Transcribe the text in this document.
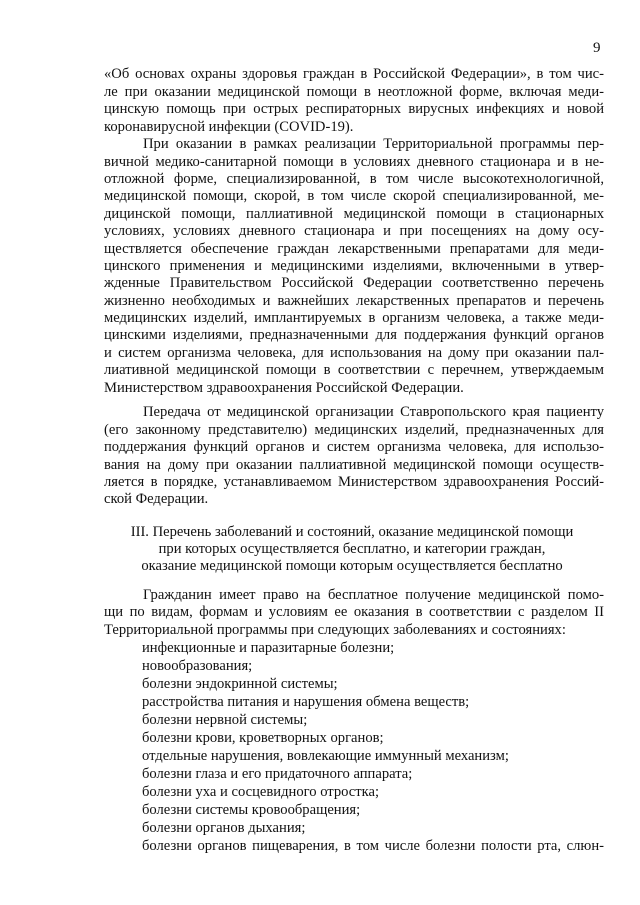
9
«Об основах охраны здоровья граждан в Российской Федерации», в том чис-
ле при оказании медицинской помощи в неотложной форме, включая меди-
цинскую помощь при острых респираторных вирусных инфекциях и новой
коронавирусной инфекции (COVID-19).
При оказании в рамках реализации Территориальной программы пер-
вичной медико-санитарной помощи в условиях дневного стационара и в не-
отложной форме, специализированной, в том числе высокотехнологичной,
медицинской помощи, скорой, в том числе скорой специализированной, ме-
дицинской помощи, паллиативной медицинской помощи в стационарных
условиях, условиях дневного стационара и при посещениях на дому осу-
ществляется обеспечение граждан лекарственными препаратами для меди-
цинского применения и медицинскими изделиями, включенными в утвер-
жденные Правительством Российской Федерации соответственно перечень
жизненно необходимых и важнейших лекарственных препаратов и перечень
медицинских изделий, имплантируемых в организм человека, а также меди-
цинскими изделиями, предназначенными для поддержания функций органов
и систем организма человека, для использования на дому при оказании пал-
лиативной медицинской помощи в соответствии с перечнем, утверждаемым
Министерством здравоохранения Российской Федерации.
Передача от медицинской организации Ставропольского края пациенту
(его законному представителю) медицинских изделий, предназначенных для
поддержания функций органов и систем организма человека, для использо-
вания на дому при оказании паллиативной медицинской помощи осуществ-
ляется в порядке, устанавливаемом Министерством здравоохранения Россий-
ской Федерации.
III. Перечень заболеваний и состояний, оказание медицинской помощи
при которых осуществляется бесплатно, и категории граждан,
оказание медицинской помощи которым осуществляется бесплатно
Гражданин имеет право на бесплатное получение медицинской помо-
щи по видам, формам и условиям ее оказания в соответствии с разделом II
Территориальной программы при следующих заболеваниях и состояниях:
инфекционные и паразитарные болезни;
новообразования;
болезни эндокринной системы;
расстройства питания и нарушения обмена веществ;
болезни нервной системы;
болезни крови, кроветворных органов;
отдельные нарушения, вовлекающие иммунный механизм;
болезни глаза и его придаточного аппарата;
болезни уха и сосцевидного отростка;
болезни системы кровообращения;
болезни органов дыхания;
болезни органов пищеварения, в том числе болезни полости рта, слюн-
